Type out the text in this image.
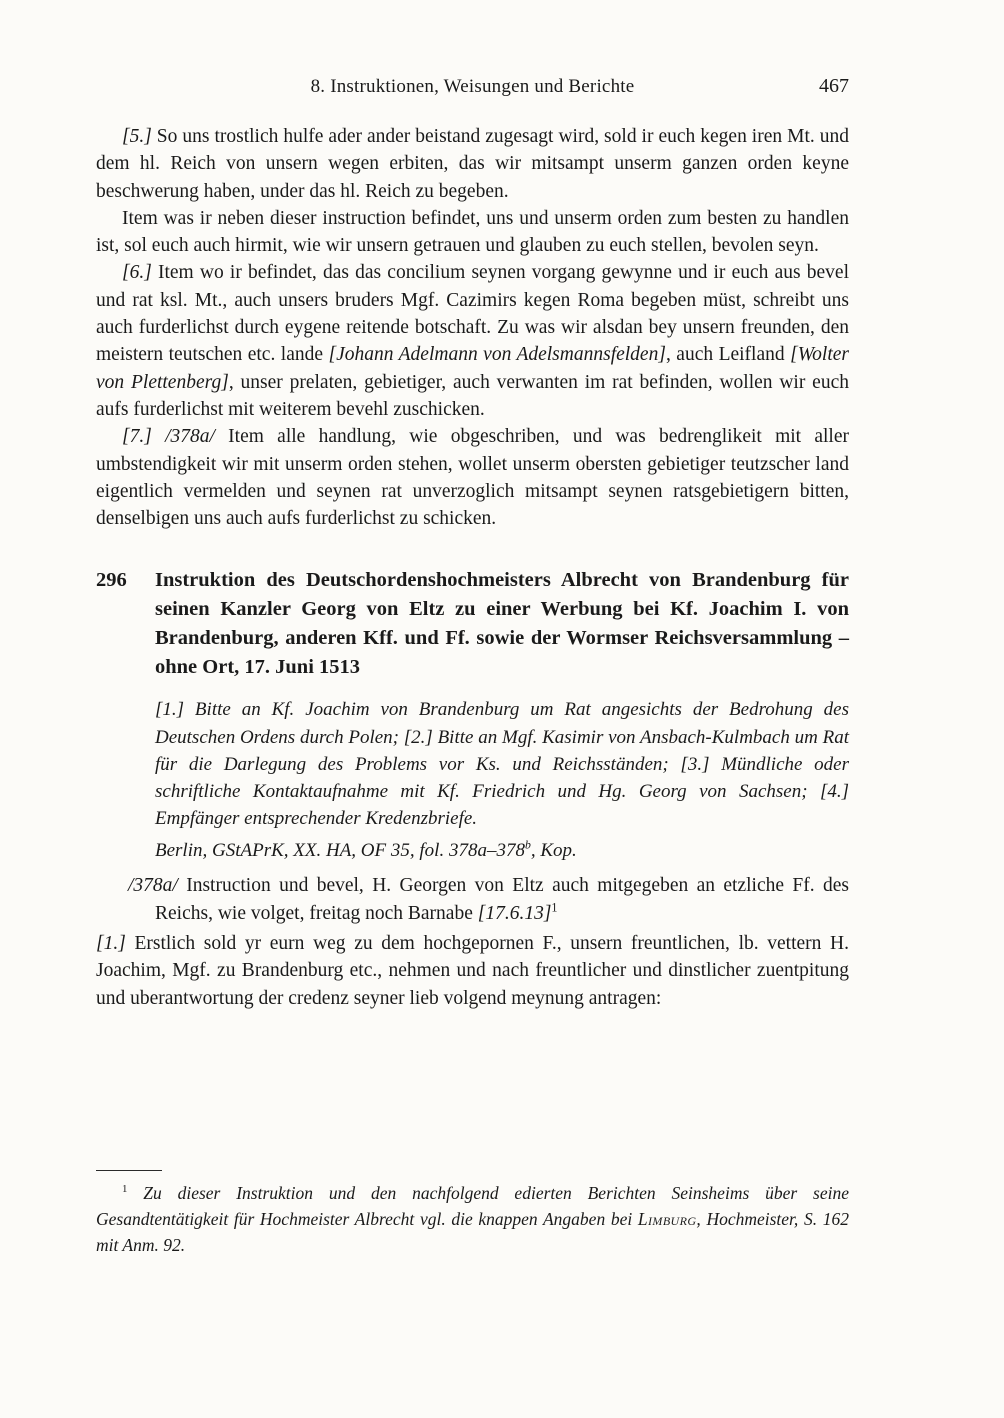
8. Instruktionen, Weisungen und Berichte	467

[5.] So uns trostlich hulfe ader ander beistand zugesagt wird, sold ir euch kegen iren Mt. und dem hl. Reich von unsern wegen erbiten, das wir mitsampt unserm ganzen orden keyne beschwerung haben, under das hl. Reich zu begeben.

Item was ir neben dieser instruction befindet, uns und unserm orden zum besten zu handlen ist, sol euch auch hirmit, wie wir unsern getrauen und glauben zu euch stellen, bevolen seyn.

[6.] Item wo ir befindet, das das concilium seynen vorgang gewynne und ir euch aus bevel und rat ksl. Mt., auch unsers bruders Mgf. Cazimirs kegen Roma begeben müst, schreibt uns auch furderlichst durch eygene reitende botschaft. Zu was wir alsdan bey unsern freunden, den meistern teutschen etc. lande [Johann Adelmann von Adelsmannsfelden], auch Leifland [Wolter von Plettenberg], unser prelaten, gebietiger, auch verwanten im rat befinden, wollen wir euch aufs furderlichst mit weiterem bevehl zuschicken.

[7.] /378a/ Item alle handlung, wie obgeschriben, und was bedrenglikeit mit aller umbstendigkeit wir mit unserm orden stehen, wollet unserm obersten gebietiger teutzscher land eigentlich vermelden und seynen rat unverzoglich mitsampt seynen ratsgebietigern bitten, denselbigen uns auch aufs furderlichst zu schicken.

296	Instruktion des Deutschordenshochmeisters Albrecht von Brandenburg für seinen Kanzler Georg von Eltz zu einer Werbung bei Kf. Joachim I. von Brandenburg, anderen Kff. und Ff. sowie der Wormser Reichsversammlung – ohne Ort, 17. Juni 1513

[1.] Bitte an Kf. Joachim von Brandenburg um Rat angesichts der Bedrohung des Deutschen Ordens durch Polen; [2.] Bitte an Mgf. Kasimir von Ansbach-Kulmbach um Rat für die Darlegung des Problems vor Ks. und Reichsständen; [3.] Mündliche oder schriftliche Kontaktaufnahme mit Kf. Friedrich und Hg. Georg von Sachsen; [4.] Empfänger entsprechender Kredenzbriefe.

Berlin, GStAPrK, XX. HA, OF 35, fol. 378a–378$^b$, Kop.

/378a/ Instruction und bevel, H. Georgen von Eltz auch mitgegeben an etzliche Ff. des Reichs, wie volget, freitag noch Barnabe $[17.6.13]^1$

[1.] Erstlich sold yr eurn weg zu dem hochgepornen F., unsern freuntlichen, lb. vettern H. Joachim, Mgf. zu Brandenburg etc., nehmen und nach freuntlicher und dinstlicher zuentpitung und uberantwortung der credenz seyner lieb volgend meynung antragen:

$^1$ Zu dieser Instruktion und den nachfolgend edierten Berichten Seinsheims über seine Gesandtentätigkeit für Hochmeister Albrecht vgl. die knappen Angaben bei Limburg, Hochmeister, S. 162 mit Anm. 92.
